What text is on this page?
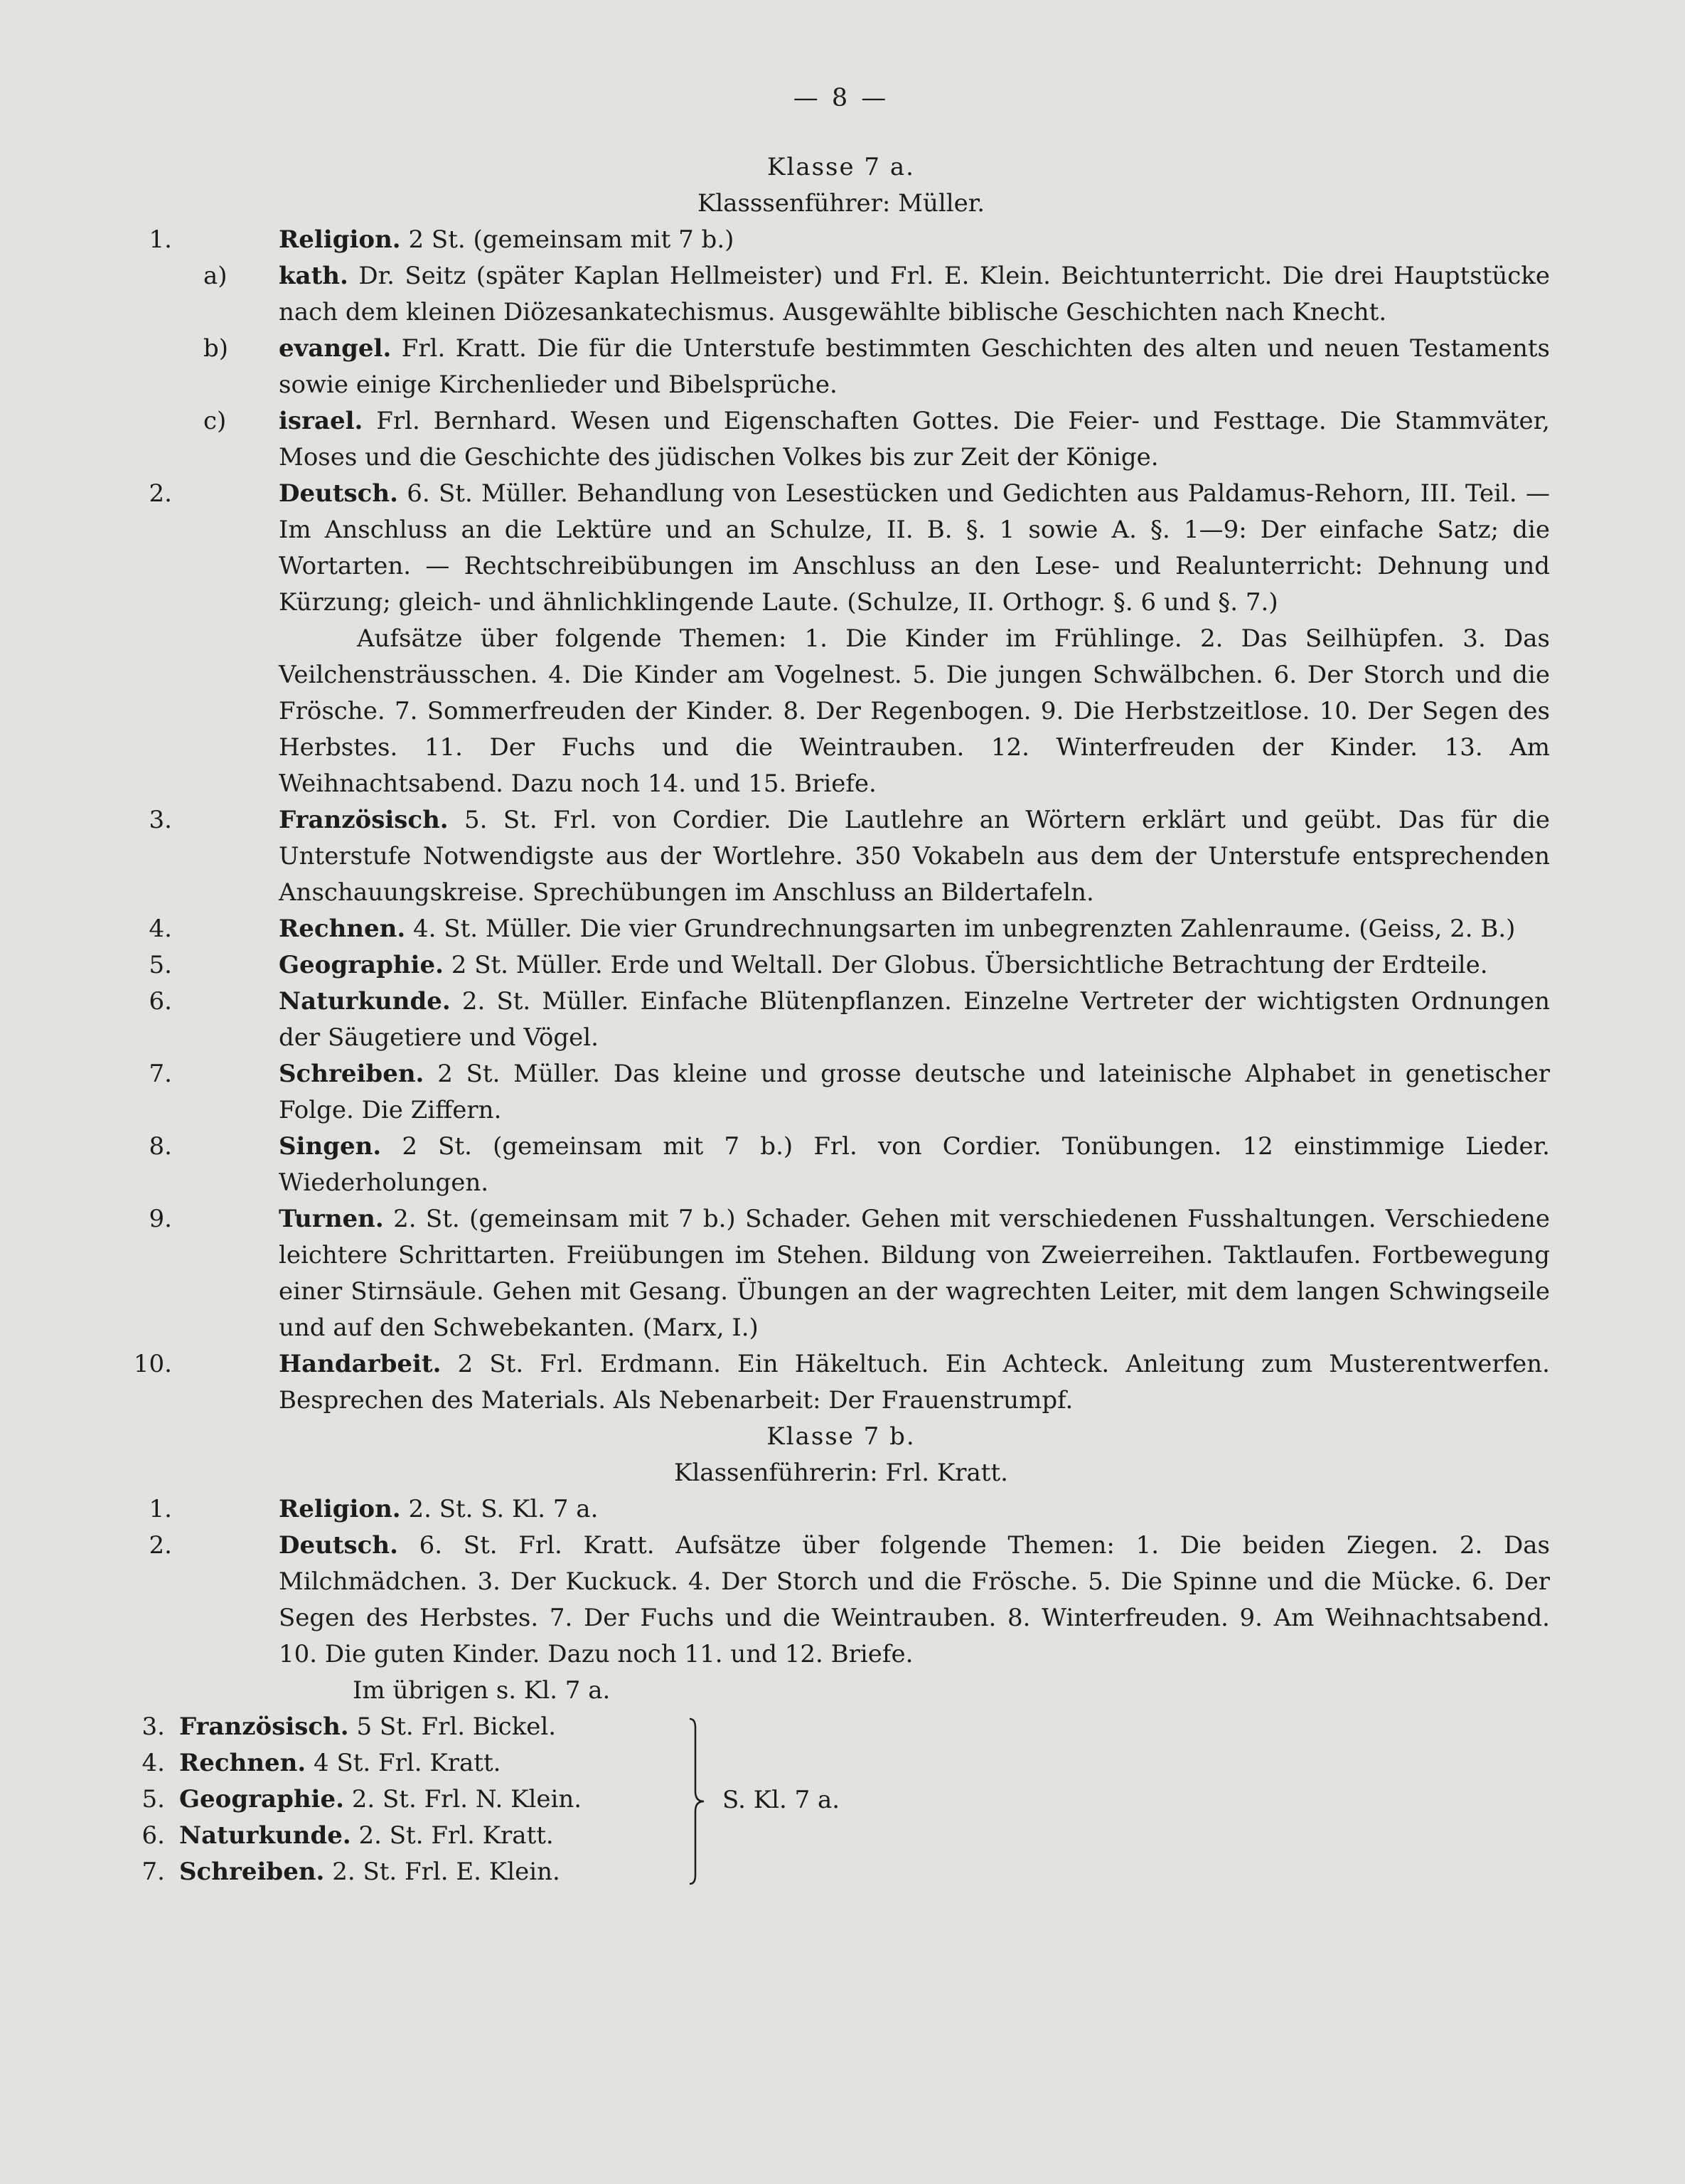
— 8 —
Klasse 7 a.
Klasssenführer: Müller.
1.	Religion. 2 St. (gemeinsam mit 7 b.)
a) kath. Dr. Seitz (später Kaplan Hellmeister) und Frl. E. Klein. Beichtunterricht. Die drei Hauptstücke nach dem kleinen Diözesankatechismus. Ausgewählte biblische Geschichten nach Knecht.
b) evangel. Frl. Kratt. Die für die Unterstufe bestimmten Geschichten des alten und neuen Testaments sowie einige Kirchenlieder und Bibelsprüche.
c) israel. Frl. Bernhard. Wesen und Eigenschaften Gottes. Die Feier- und Festtage. Die Stammväter, Moses und die Geschichte des jüdischen Volkes bis zur Zeit der Könige.
2.	Deutsch. 6. St. Müller. Behandlung von Lesestücken und Gedichten aus Paldamus-Rehorn, III. Teil. — Im Anschluss an die Lektüre und an Schulze, II. B. §. 1 sowie A. §. 1—9: Der einfache Satz; die Wortarten. — Rechtschreibübungen im Anschluss an den Lese- und Realunterricht: Dehnung und Kürzung; gleich- und ähnlichklingende Laute. (Schulze, II. Orthogr. §. 6 und §. 7.)
Aufsätze über folgende Themen: 1. Die Kinder im Frühlinge. 2. Das Seilhüpfen. 3. Das Veilchensträusschen. 4. Die Kinder am Vogelnest. 5. Die jungen Schwälbchen. 6. Der Storch und die Frösche. 7. Sommerfreuden der Kinder. 8. Der Regenbogen. 9. Die Herbstzeitlose. 10. Der Segen des Herbstes. 11. Der Fuchs und die Weintrauben. 12. Winterfreuden der Kinder. 13. Am Weihnachtsabend. Dazu noch 14. und 15. Briefe.
3.	Französisch. 5. St. Frl. von Cordier. Die Lautlehre an Wörtern erklärt und geübt. Das für die Unterstufe Notwendigste aus der Wortlehre. 350 Vokabeln aus dem der Unterstufe entsprechenden Anschauungskreise. Sprechübungen im Anschluss an Bildertafeln.
4.	Rechnen. 4. St. Müller. Die vier Grundrechnungsarten im unbegrenzten Zahlenraume. (Geiss, 2. B.)
5.	Geographie. 2 St. Müller. Erde und Weltall. Der Globus. Übersichtliche Betrachtung der Erdteile.
6.	Naturkunde. 2. St. Müller. Einfache Blütenpflanzen. Einzelne Vertreter der wichtigsten Ordnungen der Säugetiere und Vögel.
7.	Schreiben. 2 St. Müller. Das kleine und grosse deutsche und lateinische Alphabet in genetischer Folge. Die Ziffern.
8.	Singen. 2 St. (gemeinsam mit 7 b.) Frl. von Cordier. Tonübungen. 12 einstimmige Lieder. Wiederholungen.
9.	Turnen. 2. St. (gemeinsam mit 7 b.) Schader. Gehen mit verschiedenen Fusshaltungen. Verschiedene leichtere Schrittarten. Freiübungen im Stehen. Bildung von Zweierreihen. Taktlaufen. Fortbewegung einer Stirnsäule. Gehen mit Gesang. Übungen an der wagrechten Leiter, mit dem langen Schwingseile und auf den Schwebekanten. (Marx, I.)
10.	Handarbeit. 2 St. Frl. Erdmann. Ein Häkeltuch. Ein Achteck. Anleitung zum Musterentwerfen. Besprechen des Materials. Als Nebenarbeit: Der Frauenstrumpf.
Klasse 7 b.
Klassenführerin: Frl. Kratt.
1.	Religion. 2. St. S. Kl. 7 a.
2.	Deutsch. 6. St. Frl. Kratt. Aufsätze über folgende Themen: 1. Die beiden Ziegen. 2. Das Milchmädchen. 3. Der Kuckuck. 4. Der Storch und die Frösche. 5. Die Spinne und die Mücke. 6. Der Segen des Herbstes. 7. Der Fuchs und die Weintrauben. 8. Winterfreuden. 9. Am Weihnachtsabend. 10. Die guten Kinder. Dazu noch 11. und 12. Briefe.
Im übrigen s. Kl. 7 a.
3. Französisch. 5 St. Frl. Bickel.
4. Rechnen. 4 St. Frl. Kratt.
5. Geographie. 2. St. Frl. N. Klein.
6. Naturkunde. 2. St. Frl. Kratt.
7. Schreiben. 2. St. Frl. E. Klein.
S. Kl. 7 a.
